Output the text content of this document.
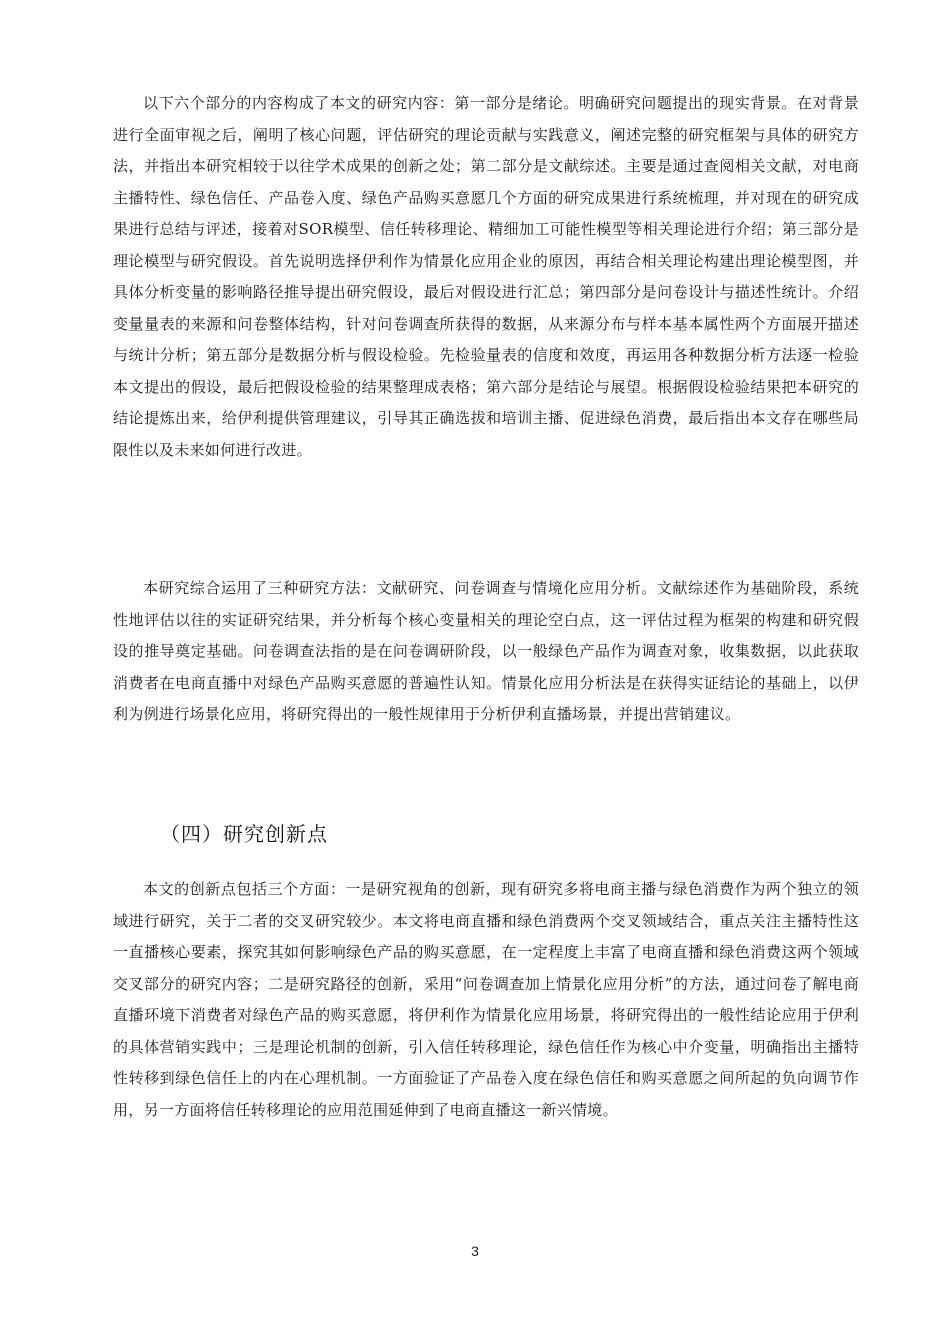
以下六个部分的内容构成了本文的研究内容：第一部分是绪论。明确研究问题提出的现实背景。在对背景进行全面审视之后，阐明了核心问题，评估研究的理论贡献与实践意义，阐述完整的研究框架与具体的研究方法，并指出本研究相较于以往学术成果的创新之处；第二部分是文献综述。主要是通过查阅相关文献，对电商主播特性、绿色信任、产品卷入度、绿色产品购买意愿几个方面的研究成果进行系统梳理，并对现在的研究成果进行总结与评述，接着对SOR模型、信任转移理论、精细加工可能性模型等相关理论进行介绍；第三部分是理论模型与研究假设。首先说明选择伊利作为情景化应用企业的原因，再结合相关理论构建出理论模型图，并具体分析变量的影响路径推导提出研究假设，最后对假设进行汇总；第四部分是问卷设计与描述性统计。介绍变量量表的来源和问卷整体结构，针对问卷调查所获得的数据，从来源分布与样本基本属性两个方面展开描述与统计分析；第五部分是数据分析与假设检验。先检验量表的信度和效度，再运用各种数据分析方法逐一检验本文提出的假设，最后把假设检验的结果整理成表格；第六部分是结论与展望。根据假设检验结果把本研究的结论提炼出来，给伊利提供管理建议，引导其正确选拔和培训主播、促进绿色消费，最后指出本文存在哪些局限性以及未来如何进行改进。

本研究综合运用了三种研究方法：文献研究、问卷调查与情境化应用分析。文献综述作为基础阶段，系统性地评估以往的实证研究结果，并分析每个核心变量相关的理论空白点，这一评估过程为框架的构建和研究假设的推导奠定基础。问卷调查法指的是在问卷调研阶段，以一般绿色产品作为调查对象，收集数据，以此获取消费者在电商直播中对绿色产品购买意愿的普遍性认知。情景化应用分析法是在获得实证结论的基础上，以伊利为例进行场景化应用，将研究得出的一般性规律用于分析伊利直播场景，并提出营销建议。

（四）研究创新点

本文的创新点包括三个方面：一是研究视角的创新，现有研究多将电商主播与绿色消费作为两个独立的领域进行研究，关于二者的交叉研究较少。本文将电商直播和绿色消费两个交叉领域结合，重点关注主播特性这一直播核心要素，探究其如何影响绿色产品的购买意愿，在一定程度上丰富了电商直播和绿色消费这两个领域交叉部分的研究内容；二是研究路径的创新，采用“问卷调查加上情景化应用分析”的方法，通过问卷了解电商直播环境下消费者对绿色产品的购买意愿，将伊利作为情景化应用场景，将研究得出的一般性结论应用于伊利的具体营销实践中；三是理论机制的创新，引入信任转移理论，绿色信任作为核心中介变量，明确指出主播特性转移到绿色信任上的内在心理机制。一方面验证了产品卷入度在绿色信任和购买意愿之间所起的负向调节作用，另一方面将信任转移理论的应用范围延伸到了电商直播这一新兴情境。

3
